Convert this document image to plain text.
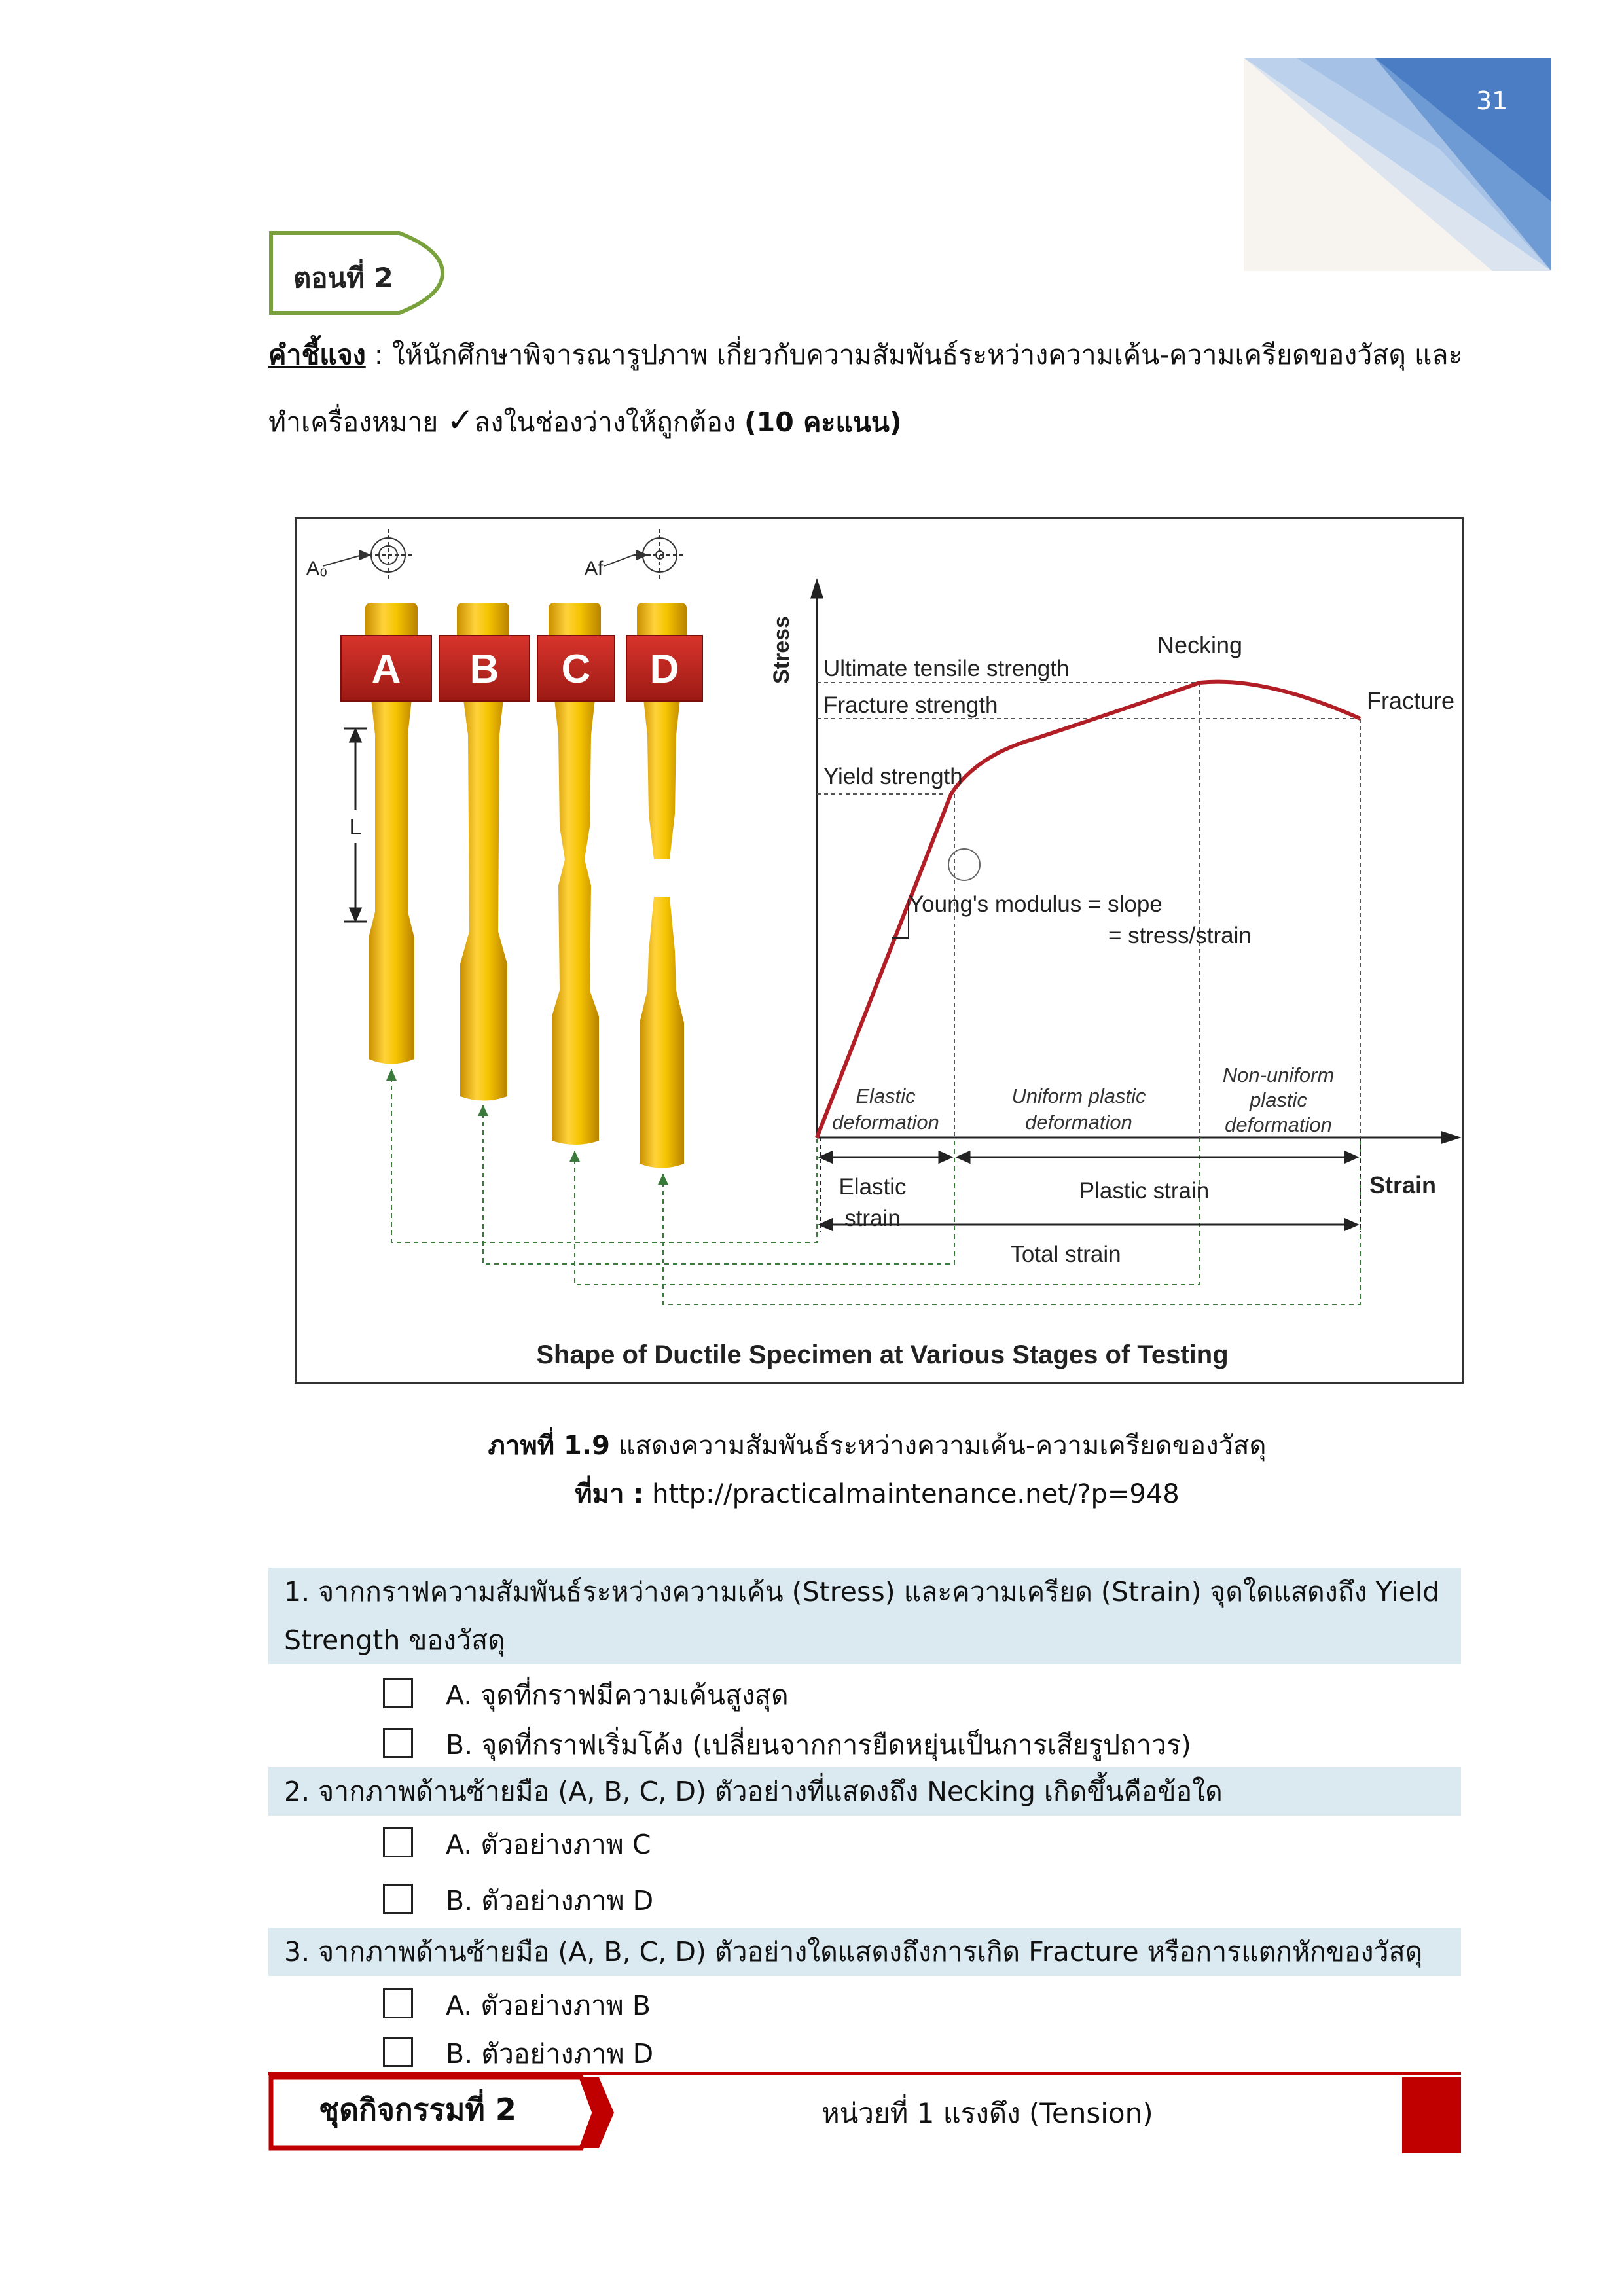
31
ตอนที่ 2
คำชี้แจง : ให้นักศึกษาพิจารณารูปภาพ เกี่ยวกับความสัมพันธ์ระหว่างความเค้น-ความเครียดของวัสดุ และ
ทำเครื่องหมาย ✓ลงในช่องว่างให้ถูกต้อง (10 คะแนน)
A B C D
A₀	Af
L
Stress
Strain
Ultimate tensile strength
Fracture strength
Yield strength
Necking
Fracture
Young's modulus = slope
= stress/strain
Elastic
deformation
Uniform plastic
deformation
Non-uniform
plastic
deformation
Elastic
strain
Plastic strain
Total strain
Shape of Ductile Specimen at Various Stages of Testing
ภาพที่ 1.9 แสดงความสัมพันธ์ระหว่างความเค้น-ความเครียดของวัสดุ
ที่มา : http://practicalmaintenance.net/?p=948
1. จากกราฟความสัมพันธ์ระหว่างความเค้น (Stress) และความเครียด (Strain) จุดใดแสดงถึง Yield
Strength ของวัสดุ
A. จุดที่กราฟมีความเค้นสูงสุด
B. จุดที่กราฟเริ่มโค้ง (เปลี่ยนจากการยืดหยุ่นเป็นการเสียรูปถาวร)
2. จากภาพด้านซ้ายมือ (A, B, C, D) ตัวอย่างที่แสดงถึง Necking เกิดขึ้นคือข้อใด
A. ตัวอย่างภาพ C
B. ตัวอย่างภาพ D
3. จากภาพด้านซ้ายมือ (A, B, C, D) ตัวอย่างใดแสดงถึงการเกิด Fracture หรือการแตกหักของวัสดุ
A. ตัวอย่างภาพ B
B. ตัวอย่างภาพ D
ชุดกิจกรรมที่ 2	หน่วยที่ 1 แรงดึง (Tension)
